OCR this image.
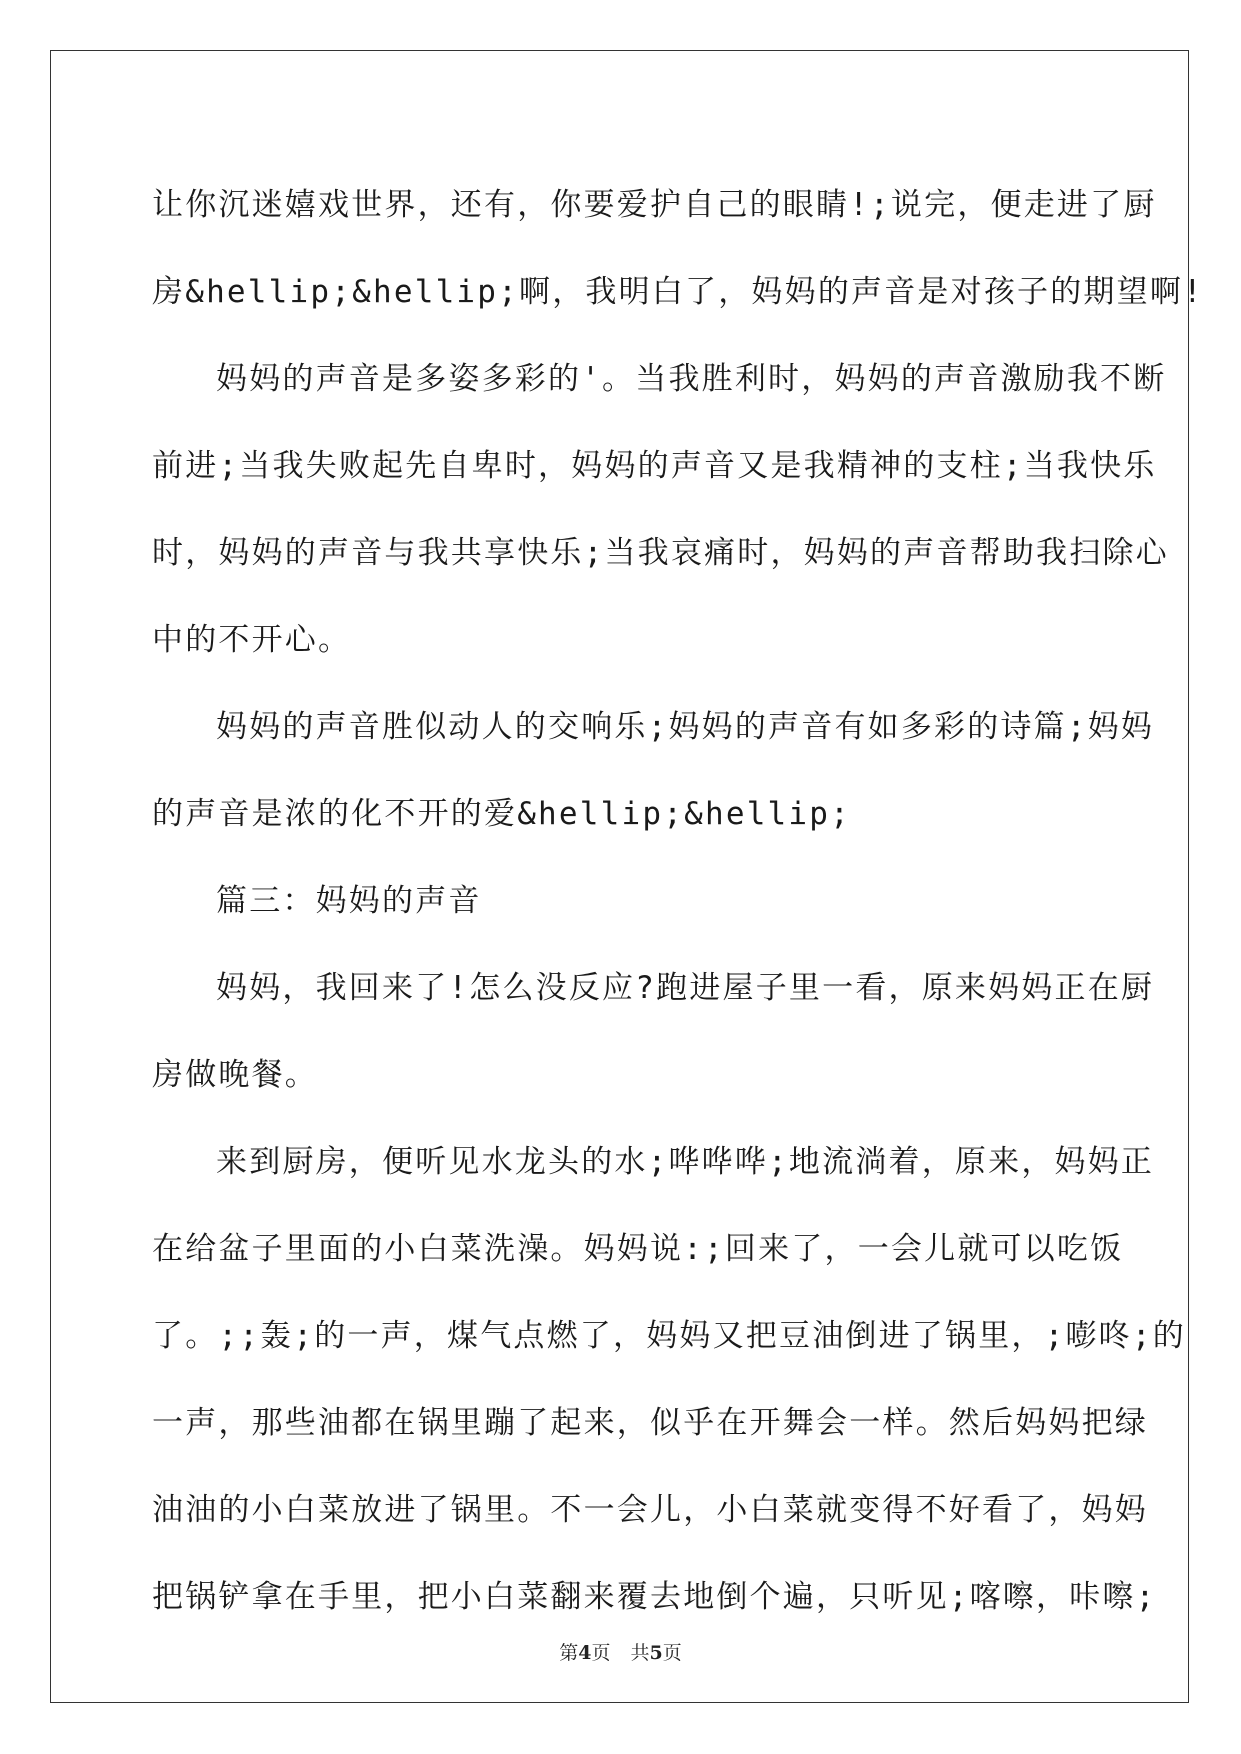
让你沉迷嬉戏世界，还有，你要爱护自己的眼睛!;说完，便走进了厨
房&hellip;&hellip;啊，我明白了，妈妈的声音是对孩子的期望啊!
妈妈的声音是多姿多彩的'。当我胜利时，妈妈的声音激励我不断
前进;当我失败起先自卑时，妈妈的声音又是我精神的支柱;当我快乐
时，妈妈的声音与我共享快乐;当我哀痛时，妈妈的声音帮助我扫除心
中的不开心。
妈妈的声音胜似动人的交响乐;妈妈的声音有如多彩的诗篇;妈妈
的声音是浓的化不开的爱&hellip;&hellip;
篇三：妈妈的声音
妈妈，我回来了!怎么没反应?跑进屋子里一看，原来妈妈正在厨
房做晚餐。
来到厨房，便听见水龙头的水;哗哗哗;地流淌着，原来，妈妈正
在给盆子里面的小白菜洗澡。妈妈说:;回来了，一会儿就可以吃饭
了。;;轰;的一声，煤气点燃了，妈妈又把豆油倒进了锅里，;嘭咚;的
一声，那些油都在锅里蹦了起来，似乎在开舞会一样。然后妈妈把绿
油油的小白菜放进了锅里。不一会儿，小白菜就变得不好看了，妈妈
把锅铲拿在手里，把小白菜翻来覆去地倒个遍，只听见;喀嚓，咔嚓;
第4页 共5页
